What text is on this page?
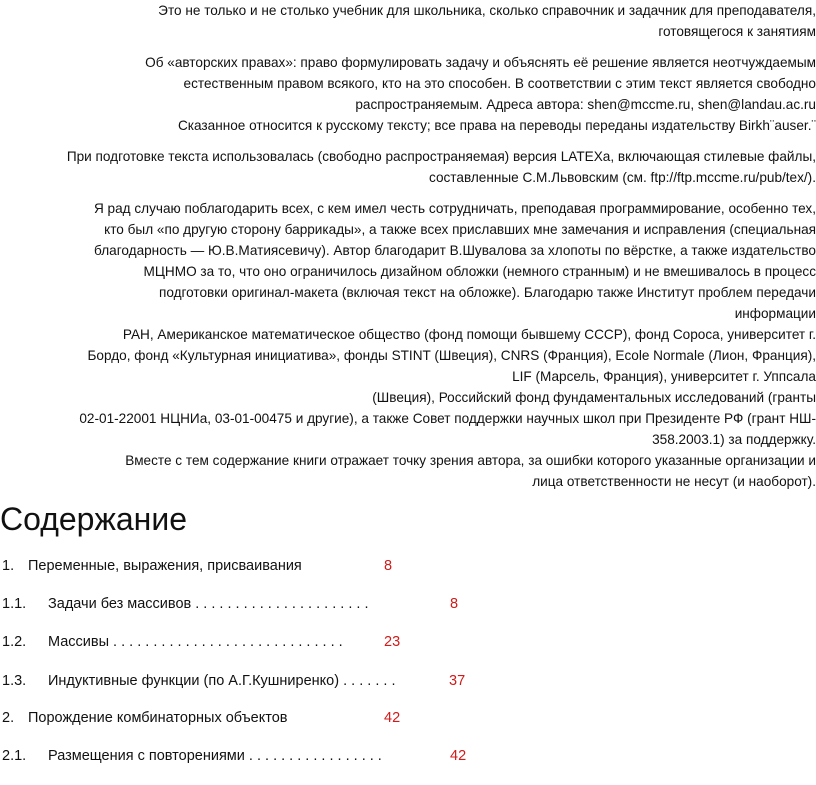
Это не только и не столько учебник для школьника, сколько справочник и задачник для преподавателя,
готовящегося к занятиям
Об «авторских правах»: право формулировать задачу и объяснять её решение является неотчуждаемым
естественным правом всякого, кто на это способен. В соответствии с этим текст является свободно
распространяемым. Адреса автора: shen@mccme.ru, shen@landau.ac.ru
Сказанное относится к русскому тексту; все права на переводы переданы издательству Birkh¨auser.¨
При подготовке текста использовалась (свободно распространяемая) версия LATEXа, включающая стилевые файлы,
составленные С.М.Львовским (см. ftp://ftp.mccme.ru/pub/tex/).
Я рад случаю поблагодарить всех, с кем имел честь сотрудничать, преподавая программирование, особенно тех,
кто был «по другую сторону баррикады», а также всех приславших мне замечания и исправления (специальная
благодарность — Ю.В.Матиясевичу). Автор благодарит В.Шувалова за хлопоты по вёрстке, а также издательство
МЦНМО за то, что оно ограничилось дизайном обложки (немного странным) и не вмешивалось в процесс
подготовки оригинал-макета (включая текст на обложке). Благодарю также Институт проблем передачи
информации
РАН, Американское математическое общество (фонд помощи бывшему СССР), фонд Сороса, университет г.
Бордо, фонд «Культурная инициатива», фонды STINT (Швеция), CNRS (Франция), Ecole Normale (Лион, Франция),
LIF (Марсель, Франция), университет г. Уппсала
(Швеция), Российский фонд фундаментальных исследований (гранты
02-01-22001 НЦНИа, 03-01-00475 и другие), а также Совет поддержки научных школ при Президенте РФ (грант НШ-
358.2003.1) за поддержку.
Вместе с тем содержание книги отражает точку зрения автора, за ошибки которого указанные организации и
лица ответственности не несут (и наоборот).
Содержание
1. Переменные, выражения, присваивания	8
1.1. Задачи без массивов . . . . . . . . . . . . . . . . . . . . . .	8
1.2. Массивы . . . . . . . . . . . . . . . . . . . . . . . . . . . . .	23
1.3. Индуктивные функции (по А.Г.Кушниренко) . . . . . . .	37
2. Порождение комбинаторных объектов	42
2.1. Размещения с повторениями . . . . . . . . . . . . . . . . .	42
